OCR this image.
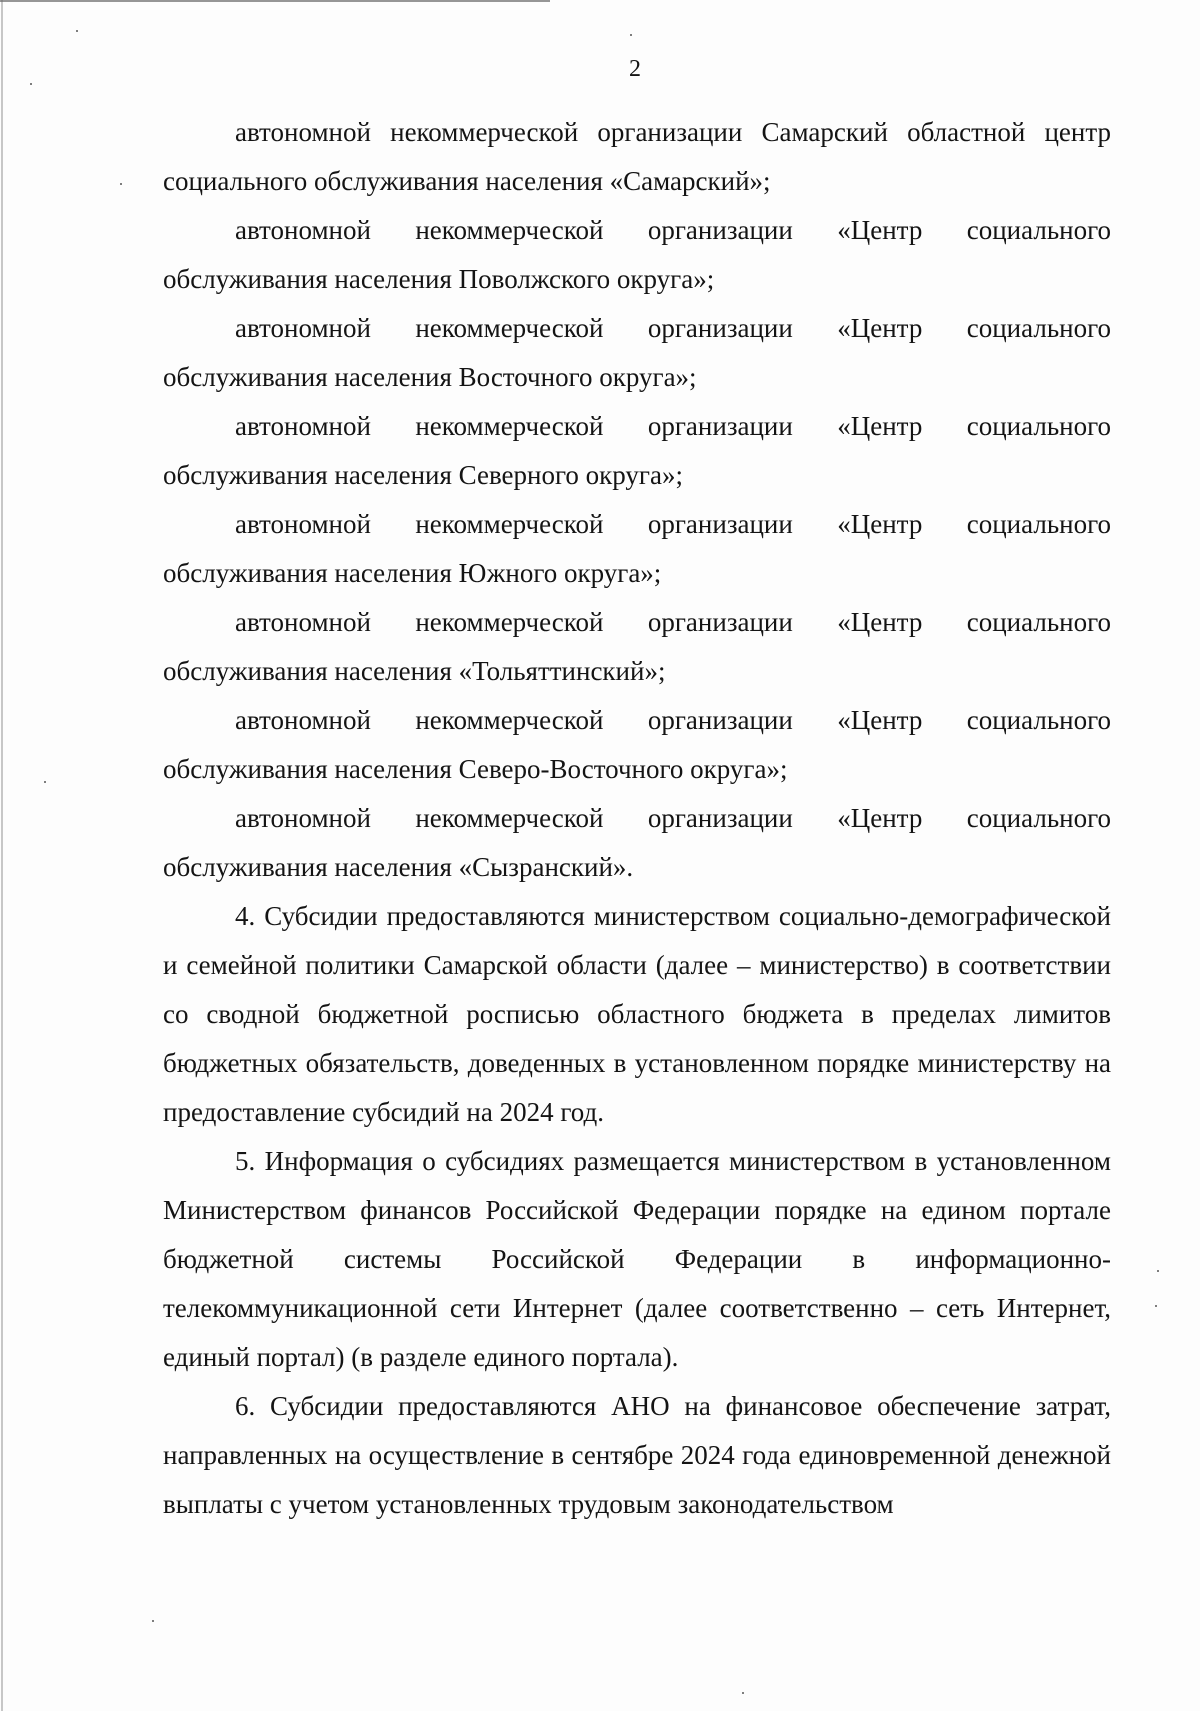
2

автономной некоммерческой организации Самарский областной центр социального обслуживания населения «Самарский»;

автономной некоммерческой организации «Центр социального обслуживания населения Поволжского округа»;

автономной некоммерческой организации «Центр социального обслуживания населения Восточного округа»;

автономной некоммерческой организации «Центр социального обслуживания населения Северного округа»;

автономной некоммерческой организации «Центр социального обслуживания населения Южного округа»;

автономной некоммерческой организации «Центр социального обслуживания населения «Тольяттинский»;

автономной некоммерческой организации «Центр социального обслуживания населения Северо-Восточного округа»;

автономной некоммерческой организации «Центр социального обслуживания населения «Сызранский».

4. Субсидии предоставляются министерством социально-демографической и семейной политики Самарской области (далее – министерство) в соответствии со сводной бюджетной росписью областного бюджета в пределах лимитов бюджетных обязательств, доведенных в установленном порядке министерству на предоставление субсидий на 2024 год.

5. Информация о субсидиях размещается министерством в установленном Министерством финансов Российской Федерации порядке на едином портале бюджетной системы Российской Федерации в информационно-телекоммуникационной сети Интернет (далее соответственно – сеть Интернет, единый портал) (в разделе единого портала).

6. Субсидии предоставляются АНО на финансовое обеспечение затрат, направленных на осуществление в сентябре 2024 года единовременной денежной выплаты с учетом установленных трудовым законодательством
